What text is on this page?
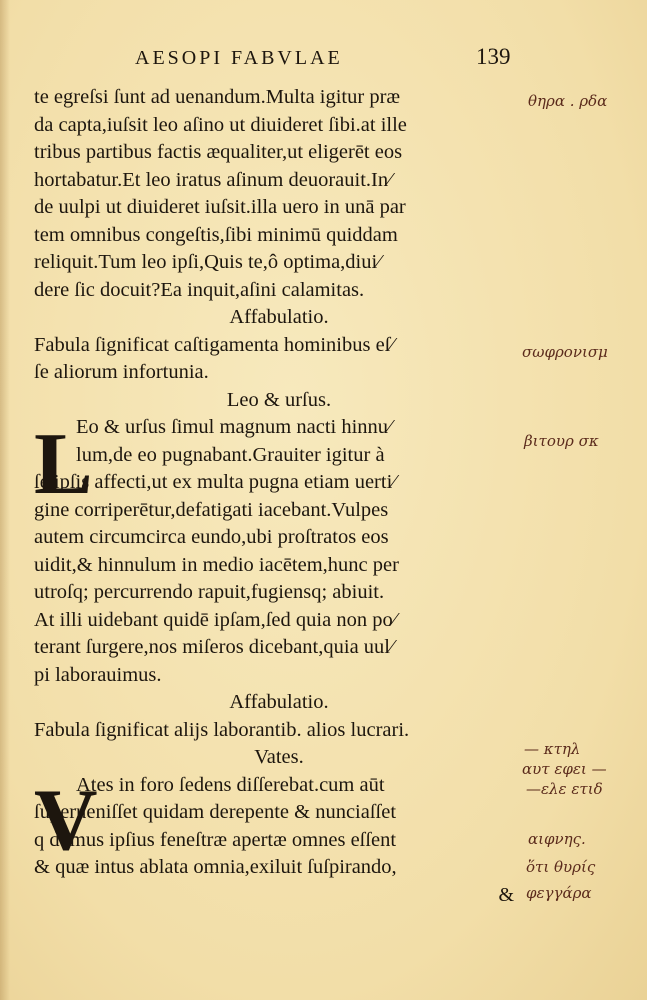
AESOPI FABVLAE	139
te egreſsi ſunt ad uenandum.Multa igitur præ
da capta,iuſsit leo aſino ut diuideret ſibi.at ille
tribus partibus factis æqualiter,ut eligerēt eos
hortabatur.Et leo iratus aſinum deuorauit.In⁄
de uulpi ut diuideret iuſsit.illa uero in unā par
tem omnibus congeſtis,ſibi minimū quiddam
reliquit.Tum leo ipſi,Quis te,ô optima,diui⁄
dere ſic docuit?Ea inquit,aſini calamitas.
Affabulatio.
Fabula ſignificat caſtigamenta hominibus eſ⁄
ſe aliorum infortunia.
Leo & urſus.
L
Eo & urſus ſimul magnum nacti hinnu⁄
lum,de eo pugnabant.Grauiter igitur à
ſe ipſis affecti,ut ex multa pugna etiam uerti⁄
gine corriperētur,defatigati iacebant.Vulpes
autem circumcirca eundo,ubi proſtratos eos
uidit,& hinnulum in medio iacētem,hunc per
utroſq; percurrendo rapuit,fugiensq; abiuit.
At illi uidebant quidē ipſam,ſed quia non po⁄
terant ſurgere,nos miſeros dicebant,quia uul⁄
pi laborauimus.
Affabulatio.
Fabula ſignificat alijs laborantib. alios lucrari.
Vates.
V
Ates in foro ſedens diſſerebat.cum aūt
ſuperueniſſet quidam derepente & nunciaſſet
q domus ipſius feneſtræ apertæ omnes eſſent
& quæ intus ablata omnia,exiluit ſuſpirando,
&
θηρα . ρδα
σωφρονισμ
βιτουρ σκ
— κτηλ
αυτ εφει —
—ελε ετιδ
αιφνης.
ὅτι θυρίς
φεγγάρα
